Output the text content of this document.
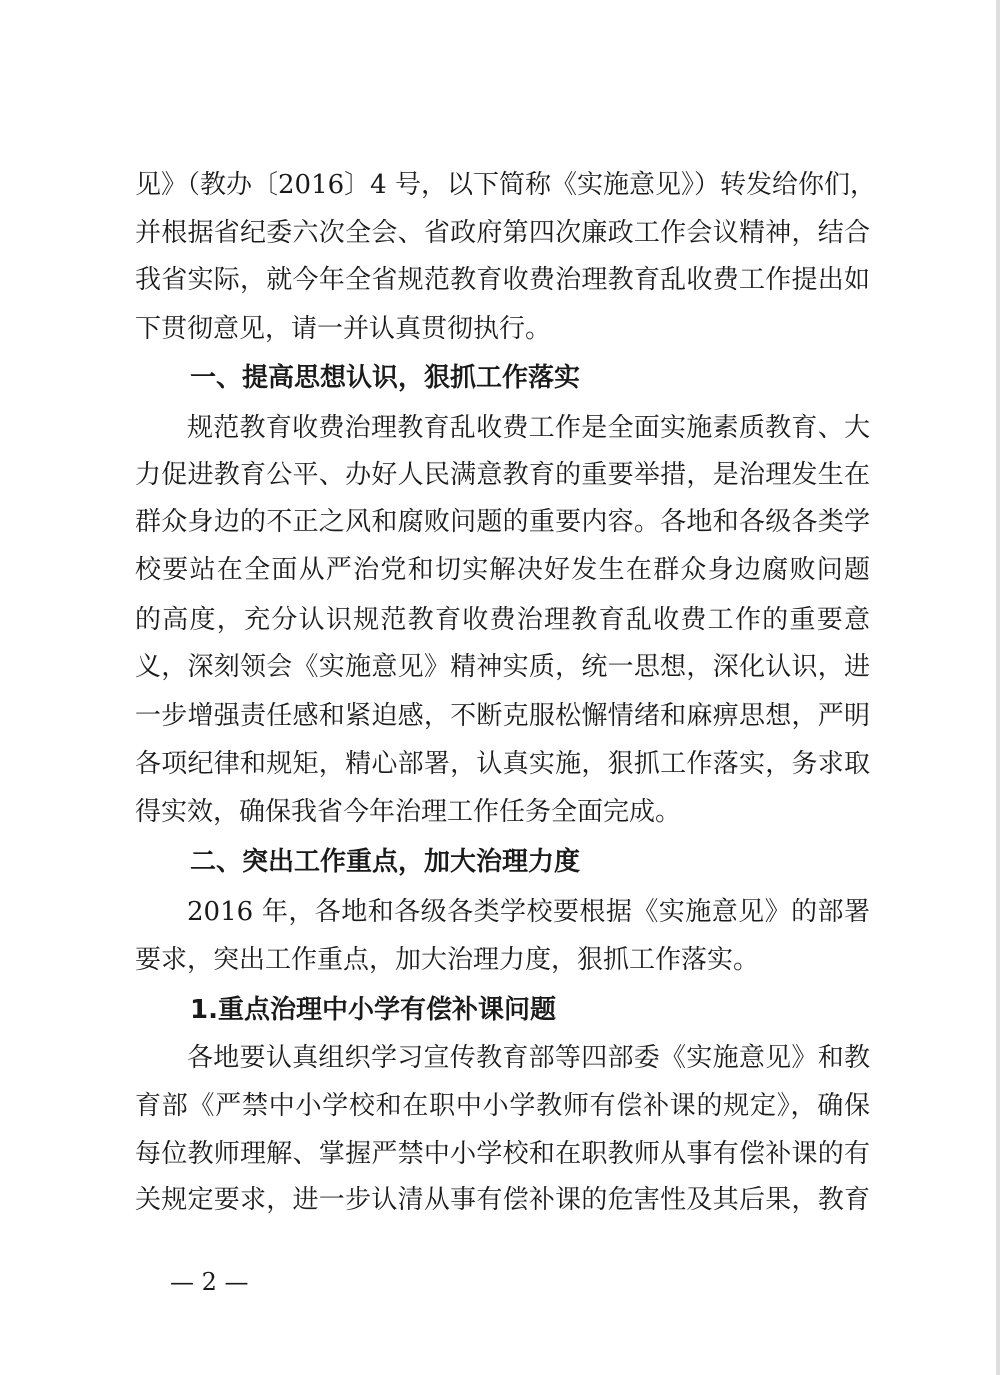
见》（教办〔2016〕4 号，以下简称《实施意见》）转发给你们，
并根据省纪委六次全会、省政府第四次廉政工作会议精神，结合
我省实际，就今年全省规范教育收费治理教育乱收费工作提出如
下贯彻意见，请一并认真贯彻执行。
一、提高思想认识，狠抓工作落实
规范教育收费治理教育乱收费工作是全面实施素质教育、大
力促进教育公平、办好人民满意教育的重要举措，是治理发生在
群众身边的不正之风和腐败问题的重要内容。各地和各级各类学
校要站在全面从严治党和切实解决好发生在群众身边腐败问题
的高度，充分认识规范教育收费治理教育乱收费工作的重要意
义，深刻领会《实施意见》精神实质，统一思想，深化认识，进
一步增强责任感和紧迫感，不断克服松懈情绪和麻痹思想，严明
各项纪律和规矩，精心部署，认真实施，狠抓工作落实，务求取
得实效，确保我省今年治理工作任务全面完成。
二、突出工作重点，加大治理力度
2016 年，各地和各级各类学校要根据《实施意见》的部署
要求，突出工作重点，加大治理力度，狠抓工作落实。
1.重点治理中小学有偿补课问题
各地要认真组织学习宣传教育部等四部委《实施意见》和教
育部《严禁中小学校和在职中小学教师有偿补课的规定》，确保
每位教师理解、掌握严禁中小学校和在职教师从事有偿补课的有
关规定要求，进一步认清从事有偿补课的危害性及其后果，教育
— 2 —
